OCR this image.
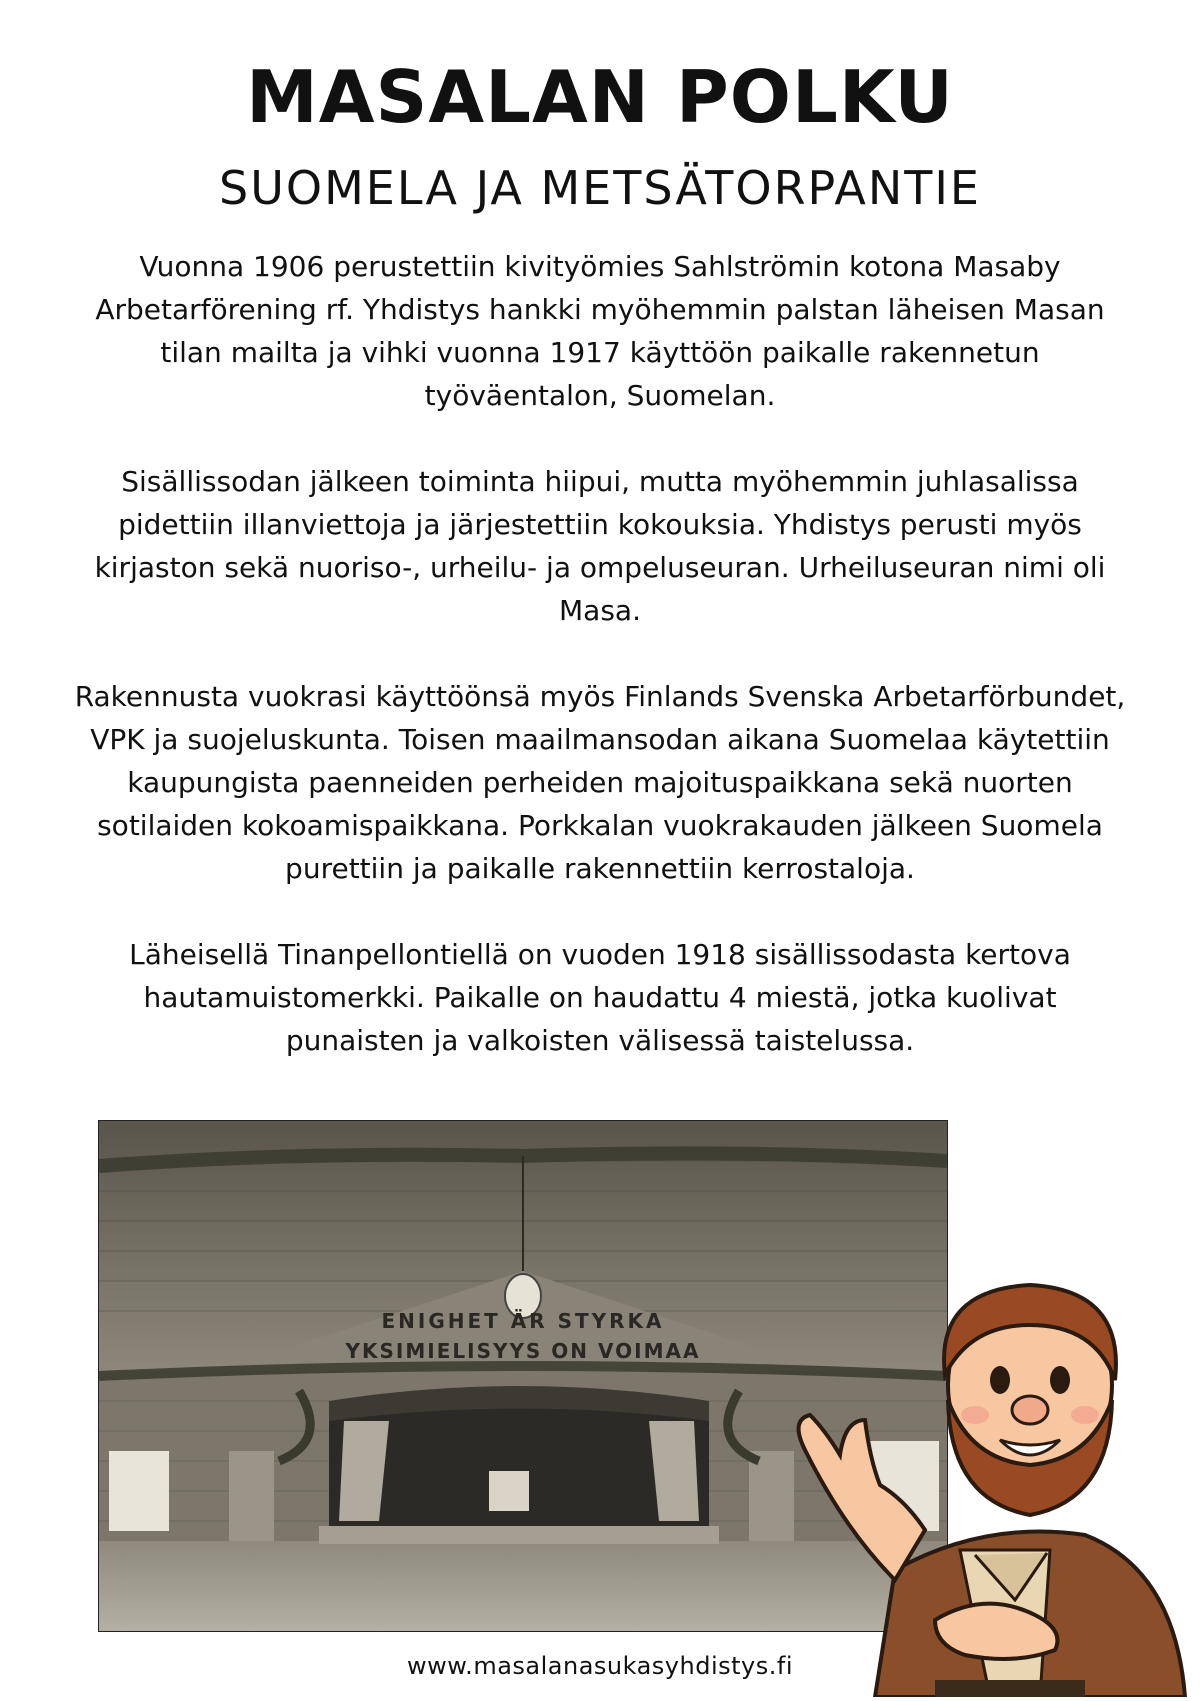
MASALAN POLKU
SUOMELA JA METSÄTORPANTIE

Vuonna 1906 perustettiin kivityömies Sahlströmin kotona Masaby Arbetarförening rf. Yhdistys hankki myöhemmin palstan läheisen Masan tilan mailta ja vihki vuonna 1917 käyttöön paikalle rakennetun työväentalon, Suomelan.

Sisällissodan jälkeen toiminta hiipui, mutta myöhemmin juhlasalissa pidettiin illanviettoja ja järjestettiin kokouksia. Yhdistys perusti myös kirjaston sekä nuoriso-, urheilu- ja ompeluseuran. Urheiluseuran nimi oli Masa.

Rakennusta vuokrasi käyttöönsä myös Finlands Svenska Arbetarförbundet, VPK ja suojeluskunta. Toisen maailmansodan aikana Suomelaa käytettiin kaupungista paenneiden perheiden majoituspaikkana sekä nuorten sotilaiden kokoamispaikkana. Porkkalan vuokrakauden jälkeen Suomela purettiin ja paikalle rakennettiin kerrostaloja.

Läheisellä Tinanpellontiellä on vuoden 1918 sisällissodasta kertova hautamuistomerkki. Paikalle on haudattu 4 miestä, jotka kuolivat punaisten ja valkoisten välisessä taistelussa.

ENIGHET ÄR STYRKA
YKSIMIELISYYS ON VOIMAA
www.masalanasukasyhdistys.fi
